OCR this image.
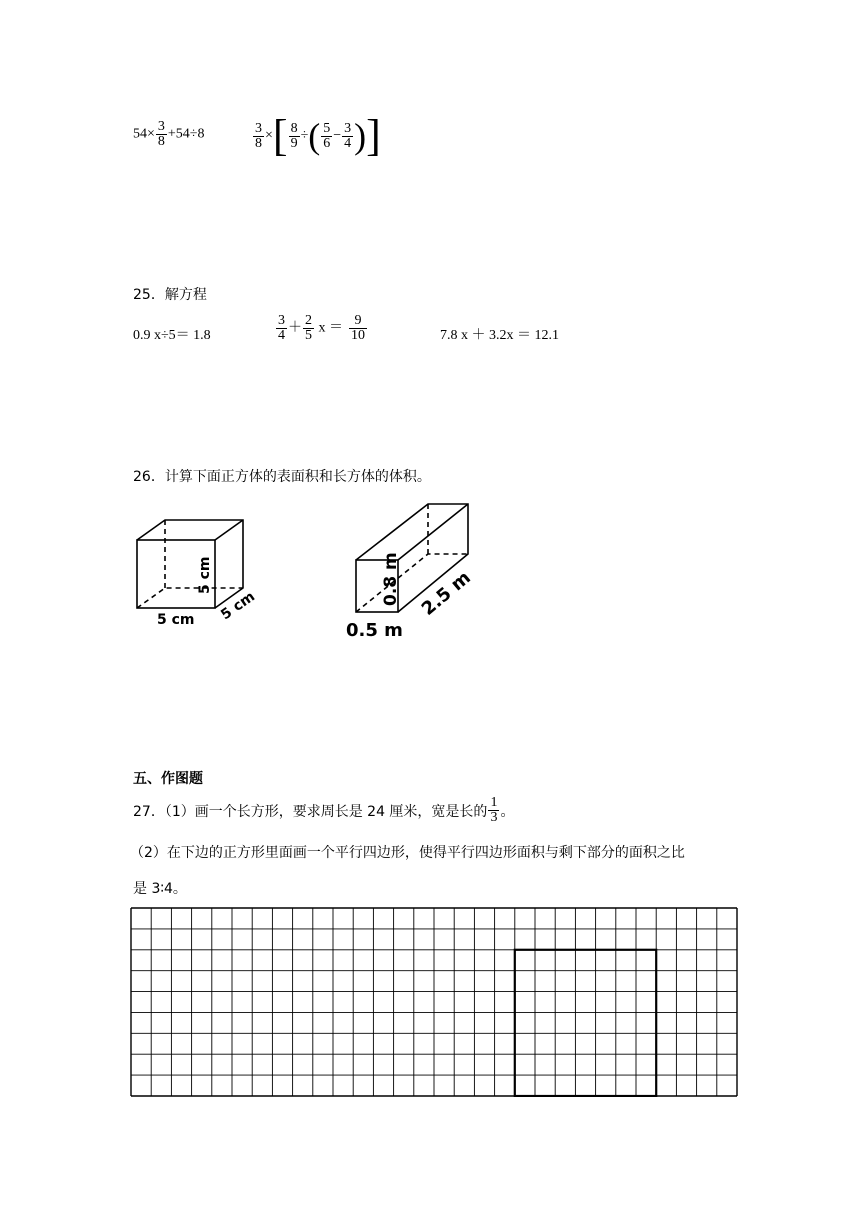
$54\times \frac{3}{8} +54\div 8$	$\frac{3}{8}$ ×[ $\frac{8}{9}$ ÷( $\frac{5}{6} - \frac{3}{4}$ )]
25．解方程
0.9 x÷5＝ 1.8	$\frac{3}{4} + \frac{2}{5}$ $x = \frac{9}{10}$	7.8 x ＋ 3.2x ＝ 12.1
26．计算下面正方体的表面积和长方体的体积。
5 cm
5 cm
5 cm
0.8 m 2.5 m
0.5 m
五、作图题
27．（1）画一个长方形，要求周长是 24 厘米，宽是长的 $\frac{1}{3}$ 。
（2）在下边的正方形里面画一个平行四边形，使得平行四边形面积与剩下部分的面积之比
是 3∶4。
